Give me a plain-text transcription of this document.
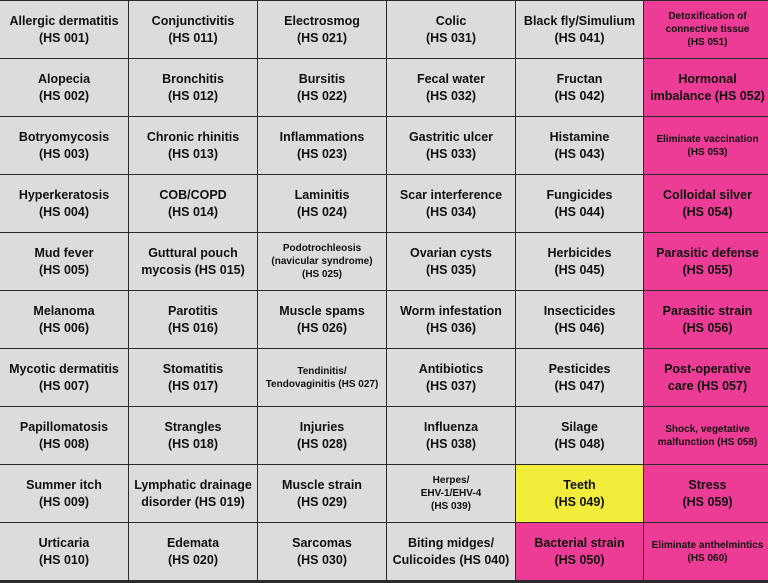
Allergic dermatitis
(HS 001)
Conjunctivitis
(HS 011)
Electrosmog
(HS 021)
Colic
(HS 031)
Black fly/Simulium
(HS 041)
Detoxification of
connective tissue
(HS 051)
Alopecia
(HS 002)
Bronchitis
(HS 012)
Bursitis
(HS 022)
Fecal water
(HS 032)
Fructan
(HS 042)
Hormonal
imbalance (HS 052)
Botryomycosis
(HS 003)
Chronic rhinitis
(HS 013)
Inflammations
(HS 023)
Gastritic ulcer
(HS 033)
Histamine
(HS 043)
Eliminate vaccination
(HS 053)
Hyperkeratosis
(HS 004)
COB/COPD
(HS 014)
Laminitis
(HS 024)
Scar interference
(HS 034)
Fungicides
(HS 044)
Colloidal silver
(HS 054)
Mud fever
(HS 005)
Guttural pouch
mycosis (HS 015)
Podotrochleosis
(navicular syndrome)
(HS 025)
Ovarian cysts
(HS 035)
Herbicides
(HS 045)
Parasitic defense
(HS 055)
Melanoma
(HS 006)
Parotitis
(HS 016)
Muscle spams
(HS 026)
Worm infestation
(HS 036)
Insecticides
(HS 046)
Parasitic strain
(HS 056)
Mycotic dermatitis
(HS 007)
Stomatitis
(HS 017)
Tendinitis/
Tendovaginitis (HS 027)
Antibiotics
(HS 037)
Pesticides
(HS 047)
Post-operative
care (HS 057)
Papillomatosis
(HS 008)
Strangles
(HS 018)
Injuries
(HS 028)
Influenza
(HS 038)
Silage
(HS 048)
Shock, vegetative
malfunction (HS 058)
Summer itch
(HS 009)
Lymphatic drainage
disorder (HS 019)
Muscle strain
(HS 029)
Herpes/
EHV-1/EHV-4
(HS 039)
Teeth
(HS 049)
Stress
(HS 059)
Urticaria
(HS 010)
Edemata
(HS 020)
Sarcomas
(HS 030)
Biting midges/
Culicoides (HS 040)
Bacterial strain
(HS 050)
Eliminate anthelmintics
(HS 060)
